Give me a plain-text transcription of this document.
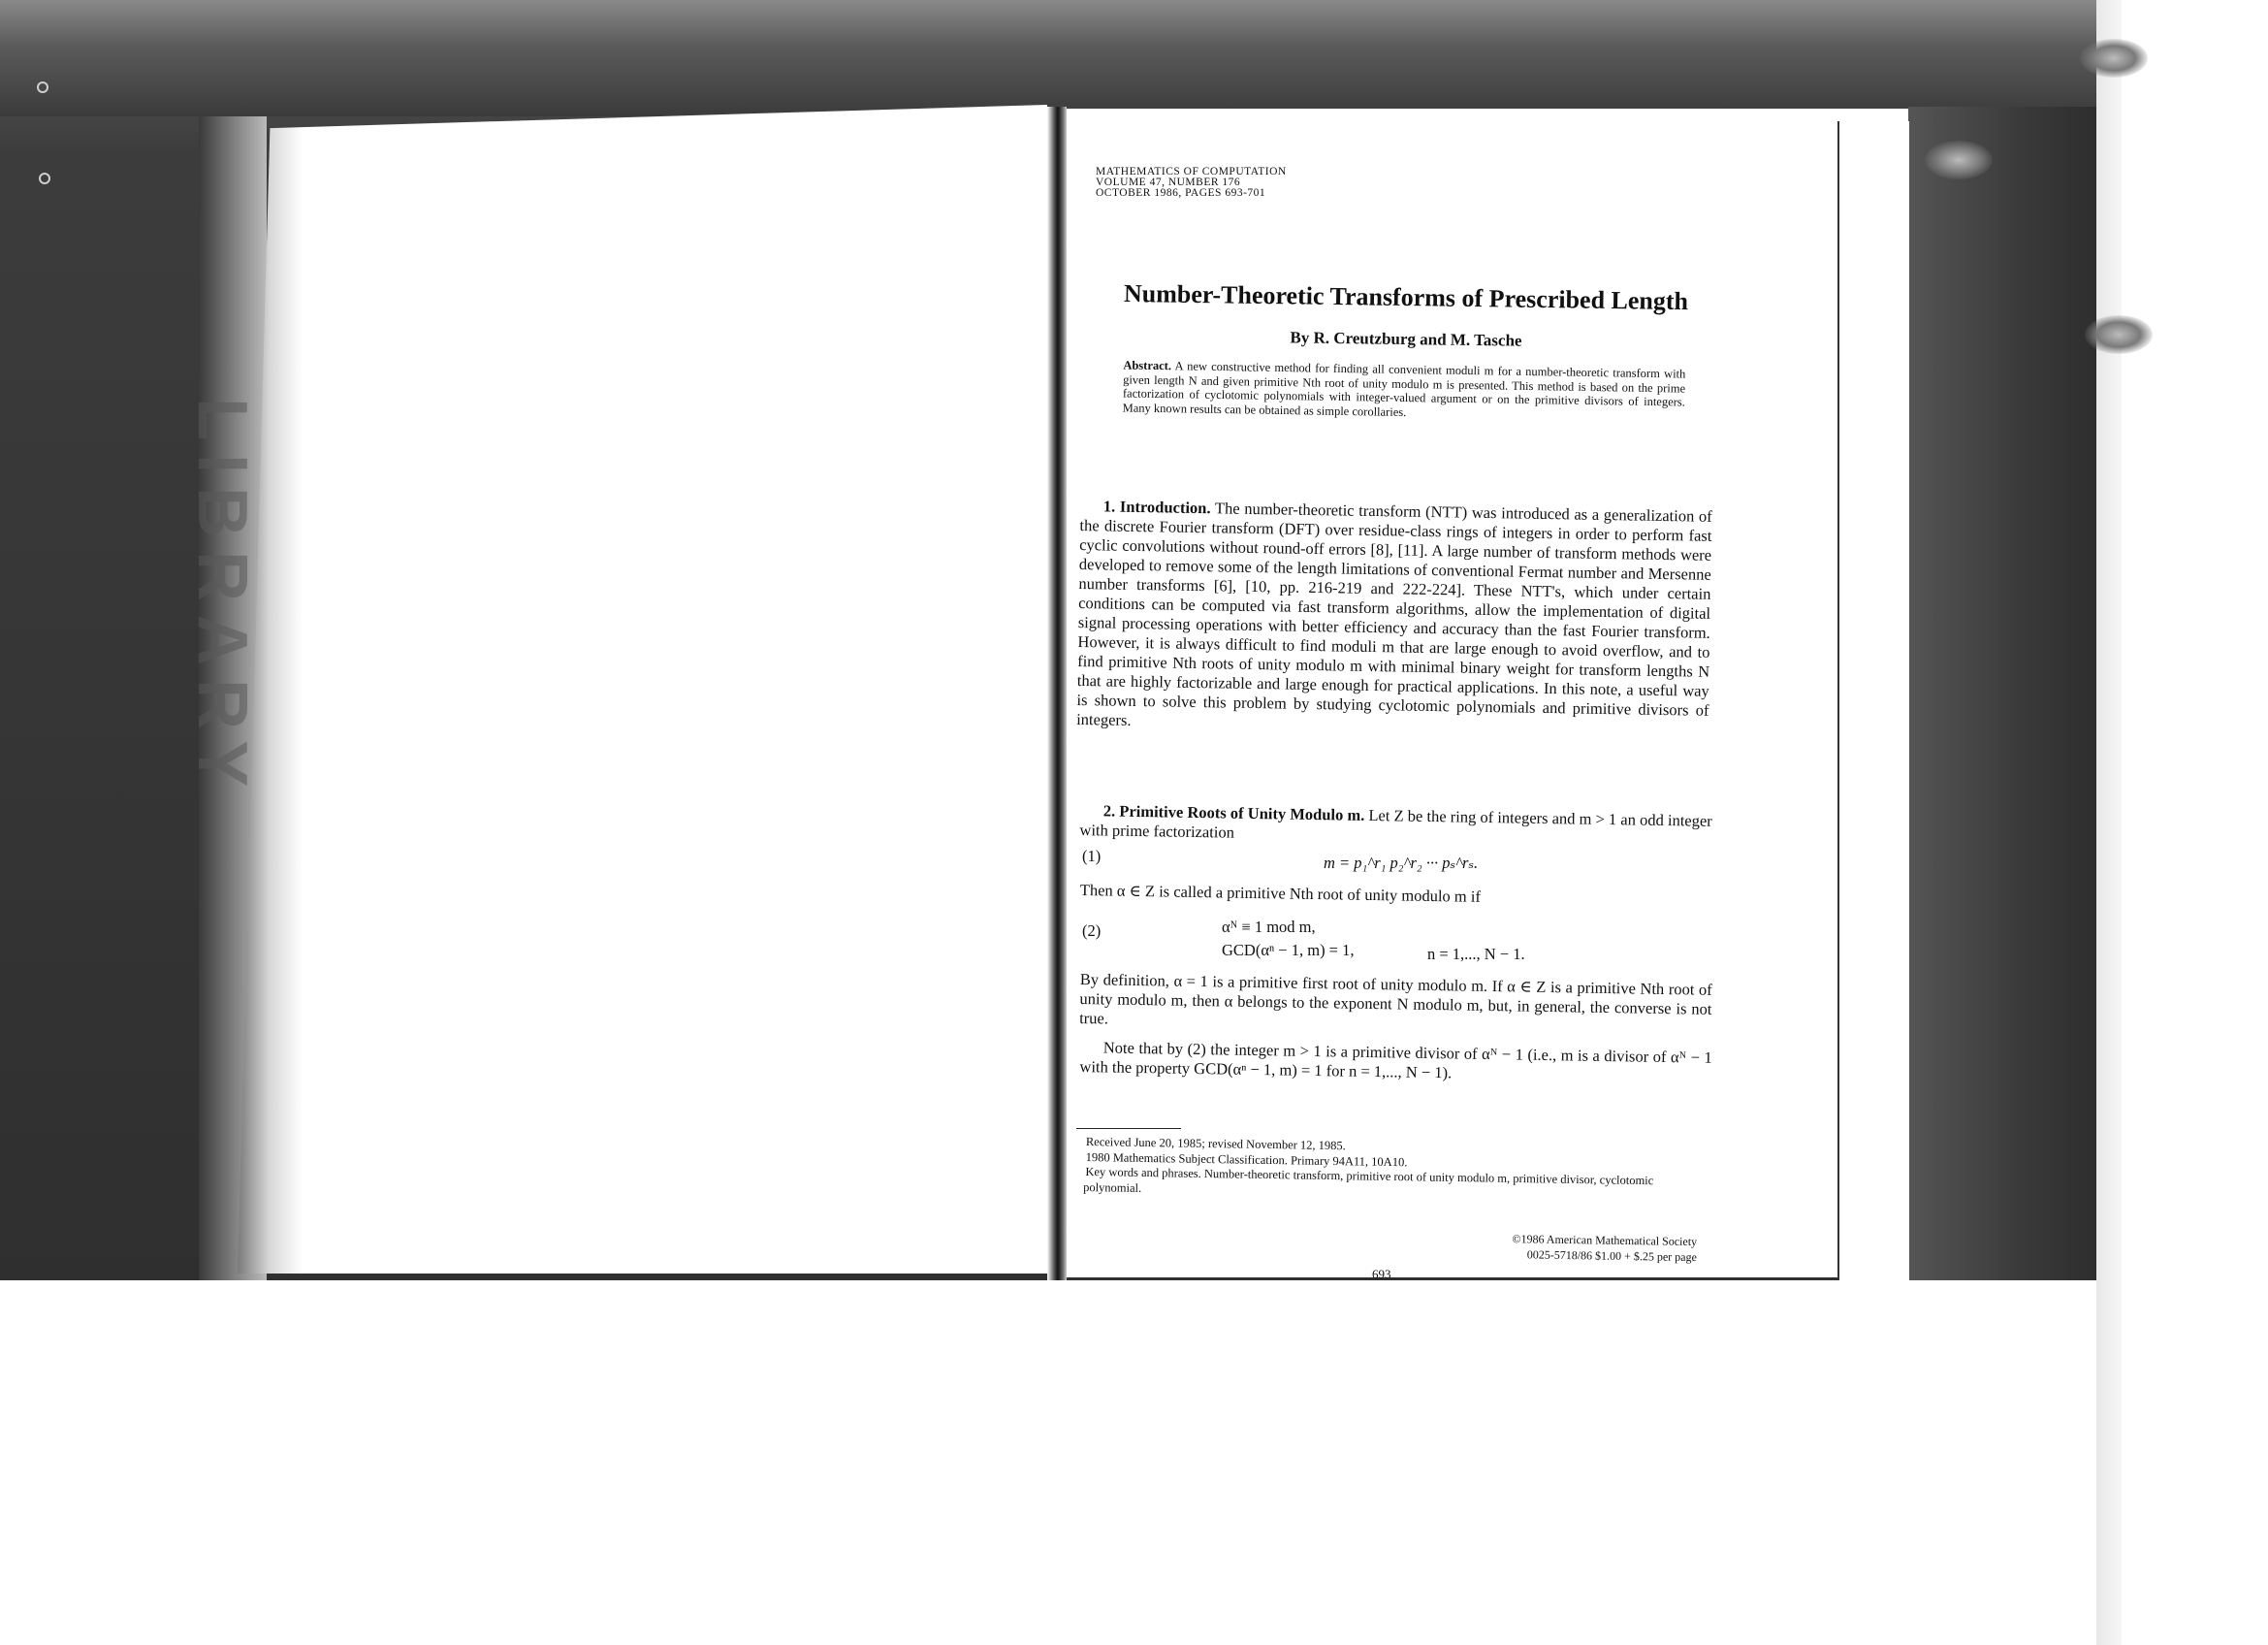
LIBRARY
MATHEMATICS OF COMPUTATION
VOLUME 47, NUMBER 176
OCTOBER 1986, PAGES 693-701
Number-Theoretic Transforms of Prescribed Length
By R. Creutzburg and M. Tasche
Abstract. A new constructive method for finding all convenient moduli m for a number-theoretic transform with given length N and given primitive Nth root of unity modulo m is presented. This method is based on the prime factorization of cyclotomic polynomials with integer-valued argument or on the primitive divisors of integers. Many known results can be obtained as simple corollaries.
1. Introduction. The number-theoretic transform (NTT) was introduced as a generalization of the discrete Fourier transform (DFT) over residue-class rings of integers in order to perform fast cyclic convolutions without round-off errors [8], [11]. A large number of transform methods were developed to remove some of the length limitations of conventional Fermat number and Mersenne number transforms [6], [10, pp. 216-219 and 222-224]. These NTT's, which under certain conditions can be computed via fast transform algorithms, allow the implementation of digital signal processing operations with better efficiency and accuracy than the fast Fourier transform. However, it is always difficult to find moduli m that are large enough to avoid overflow, and to find primitive Nth roots of unity modulo m with minimal binary weight for transform lengths N that are highly factorizable and large enough for practical applications. In this note, a useful way is shown to solve this problem by studying cyclotomic polynomials and primitive divisors of integers.
2. Primitive Roots of Unity Modulo m. Let Z be the ring of integers and m > 1 an odd integer with prime factorization
(1)	m = p₁^r₁ p₂^r₂ ··· pₛ^rₛ.
Then α ∈ Z is called a primitive Nth root of unity modulo m if
(2)	αᴺ ≡ 1 mod m,
GCD(αⁿ − 1, m) = 1,	n = 1,..., N − 1.
By definition, α = 1 is a primitive first root of unity modulo m. If α ∈ Z is a primitive Nth root of unity modulo m, then α belongs to the exponent N modulo m, but, in general, the converse is not true.
Note that by (2) the integer m > 1 is a primitive divisor of αᴺ − 1 (i.e., m is a divisor of αᴺ − 1 with the property GCD(αⁿ − 1, m) = 1 for n = 1,..., N − 1).
Received June 20, 1985; revised November 12, 1985.
1980 Mathematics Subject Classification. Primary 94A11, 10A10.
Key words and phrases. Number-theoretic transform, primitive root of unity modulo m, primitive divisor, cyclotomic polynomial.
©1986 American Mathematical Society
0025-5718/86 $1.00 + $.25 per page
693
